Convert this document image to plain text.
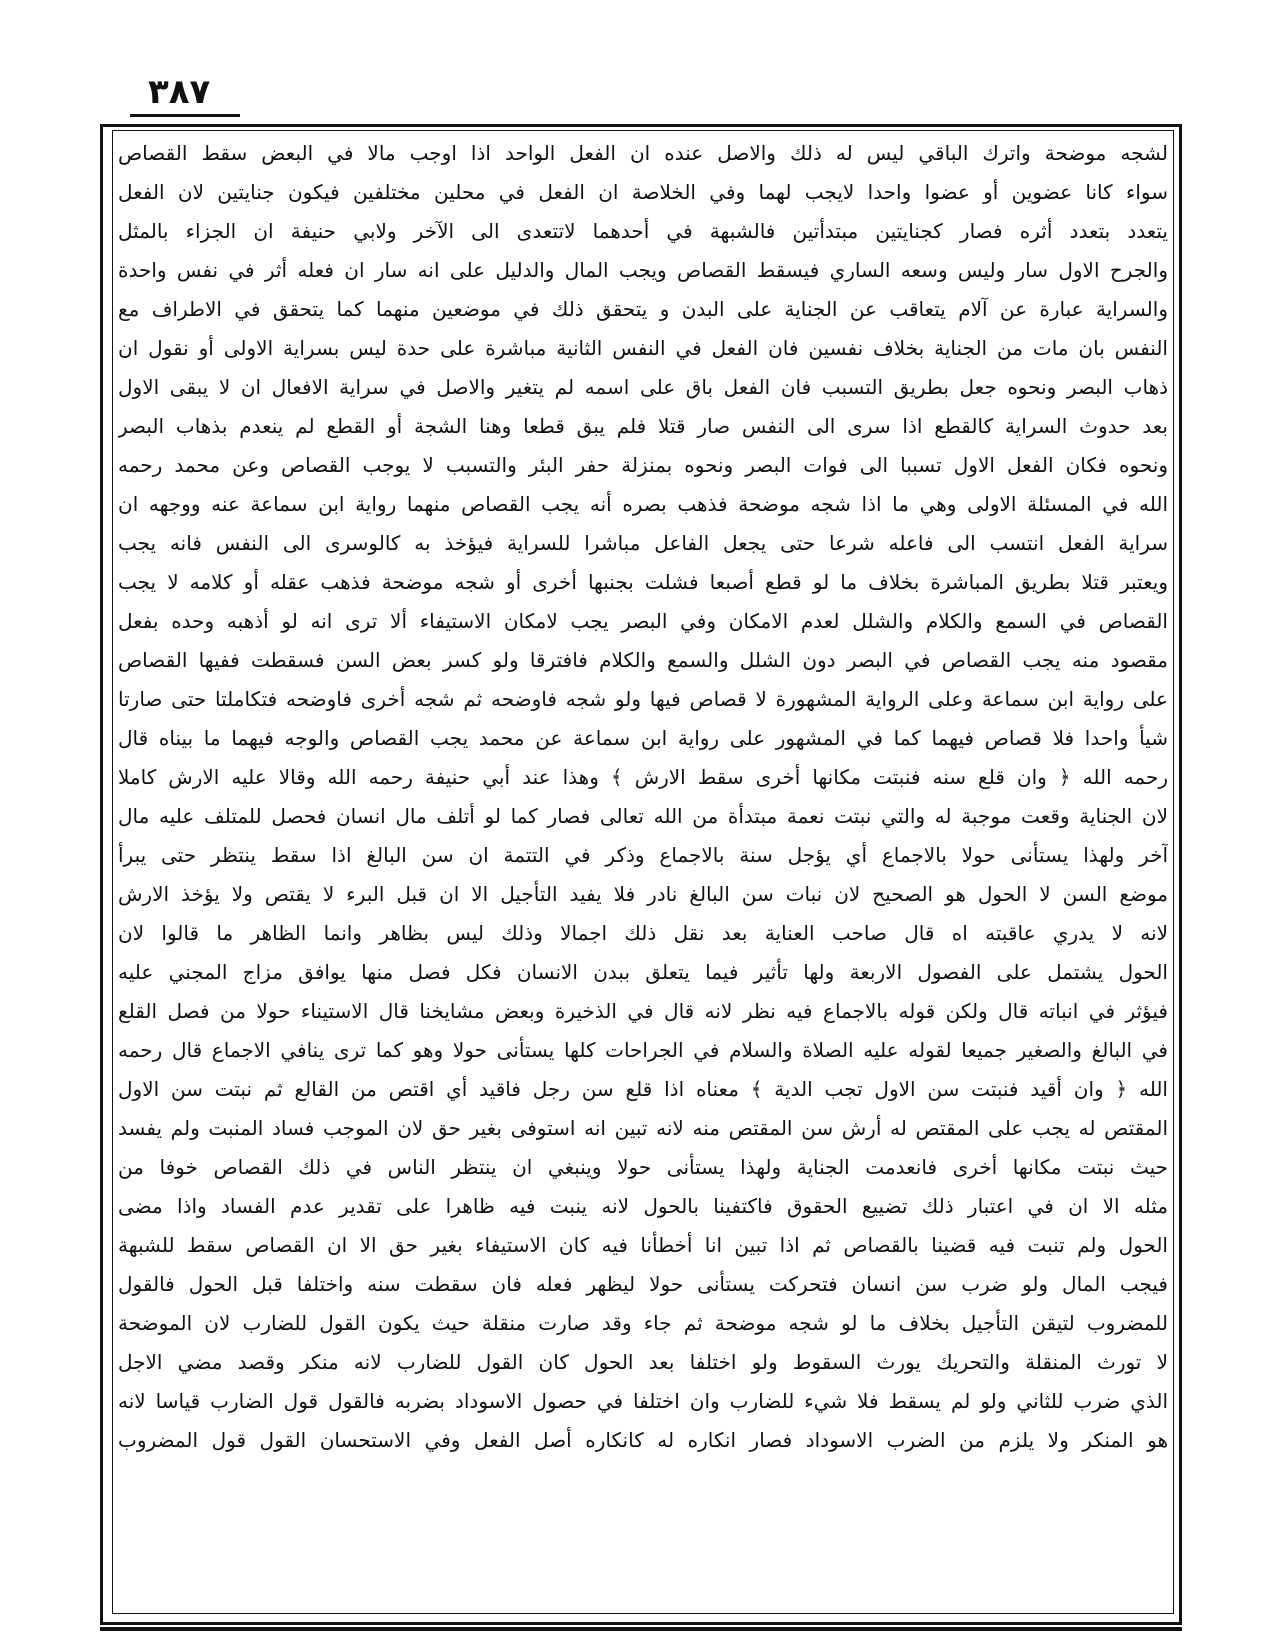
۳۸۷
لشجه موضحة واترك الباقي ليس له ذلك والاصل عنده ان الفعل الواحد اذا اوجب مالا في البعض سقط القصاص
سواء كانا عضوين أو عضوا واحدا لايجب لهما وفي الخلاصة ان الفعل في محلين مختلفين فيكون جنايتين لان الفعل
يتعدد بتعدد أثره فصار كجنايتين مبتدأتين فالشبهة في أحدهما لاتتعدى الى الآخر ولابي حنيفة ان الجزاء بالمثل
والجرح الاول سار وليس وسعه الساري فيسقط القصاص ويجب المال والدليل على انه سار ان فعله أثر في نفس واحدة
والسراية عبارة عن آلام يتعاقب عن الجناية على البدن و يتحقق ذلك في موضعين منهما كما يتحقق في الاطراف مع
النفس بان مات من الجناية بخلاف نفسين فان الفعل في النفس الثانية مباشرة على حدة ليس بسراية الاولى أو نقول ان
ذهاب البصر ونحوه جعل بطريق التسبب فان الفعل باق على اسمه لم يتغير والاصل في سراية الافعال ان لا يبقى الاول
بعد حدوث السراية كالقطع اذا سرى الى النفس صار قتلا فلم يبق قطعا وهنا الشجة أو القطع لم ينعدم بذهاب البصر
ونحوه فكان الفعل الاول تسببا الى فوات البصر ونحوه بمنزلة حفر البئر والتسبب لا يوجب القصاص وعن محمد رحمه
الله في المسئلة الاولى وهي ما اذا شجه موضحة فذهب بصره أنه يجب القصاص منهما رواية ابن سماعة عنه ووجهه ان
سراية الفعل انتسب الى فاعله شرعا حتى يجعل الفاعل مباشرا للسراية فيؤخذ به كالوسرى الى النفس فانه يجب
ويعتبر قتلا بطريق المباشرة بخلاف ما لو قطع أصبعا فشلت بجنبها أخرى أو شجه موضحة فذهب عقله أو كلامه لا يجب
القصاص في السمع والكلام والشلل لعدم الامكان وفي البصر يجب لامكان الاستيفاء ألا ترى انه لو أذهبه وحده بفعل
مقصود منه يجب القصاص في البصر دون الشلل والسمع والكلام فافترقا ولو كسر بعض السن فسقطت ففيها القصاص
على رواية ابن سماعة وعلى الرواية المشهورة لا قصاص فيها ولو شجه فاوضحه ثم شجه أخرى فاوضحه فتكاملتا حتى صارتا
شيأ واحدا فلا قصاص فيهما كما في المشهور على رواية ابن سماعة عن محمد يجب القصاص والوجه فيهما ما بيناه قال
رحمه الله ﴿ وان قلع سنه فنبتت مكانها أخرى سقط الارش ﴾ وهذا عند أبي حنيفة رحمه الله وقالا عليه الارش كاملا
لان الجناية وقعت موجبة له والتي نبتت نعمة مبتدأة من الله تعالى فصار كما لو أتلف مال انسان فحصل للمتلف عليه مال
آخر ولهذا يستأنى حولا بالاجماع أي يؤجل سنة بالاجماع وذكر في التتمة ان سن البالغ اذا سقط ينتظر حتى يبرأ
موضع السن لا الحول هو الصحيح لان نبات سن البالغ نادر فلا يفيد التأجيل الا ان قبل البرء لا يقتص ولا يؤخذ الارش
لانه لا يدري عاقبته اه قال صاحب العناية بعد نقل ذلك اجمالا وذلك ليس بظاهر وانما الظاهر ما قالوا لان
الحول يشتمل على الفصول الاربعة ولها تأثير فيما يتعلق ببدن الانسان فكل فصل منها يوافق مزاج المجني عليه
فيؤثر في انباته قال ولكن قوله بالاجماع فيه نظر لانه قال في الذخيرة وبعض مشايخنا قال الاستيناء حولا من فصل القلع
في البالغ والصغير جميعا لقوله عليه الصلاة والسلام في الجراحات كلها يستأنى حولا وهو كما ترى ينافي الاجماع قال رحمه
الله ﴿ وان أقيد فنبتت سن الاول تجب الدية ﴾ معناه اذا قلع سن رجل فاقيد أي اقتص من القالع ثم نبتت سن الاول
المقتص له يجب على المقتص له أرش سن المقتص منه لانه تبين انه استوفى بغير حق لان الموجب فساد المنبت ولم يفسد
حيث نبتت مكانها أخرى فانعدمت الجناية ولهذا يستأنى حولا وينبغي ان ينتظر الناس في ذلك القصاص خوفا من
مثله الا ان في اعتبار ذلك تضييع الحقوق فاكتفينا بالحول لانه ينبت فيه ظاهرا على تقدير عدم الفساد واذا مضى
الحول ولم تنبت فيه قضينا بالقصاص ثم اذا تبين انا أخطأنا فيه كان الاستيفاء بغير حق الا ان القصاص سقط للشبهة
فيجب المال ولو ضرب سن انسان فتحركت يستأنى حولا ليظهر فعله فان سقطت سنه واختلفا قبل الحول فالقول
للمضروب لتيقن التأجيل بخلاف ما لو شجه موضحة ثم جاء وقد صارت منقلة حيث يكون القول للضارب لان الموضحة
لا تورث المنقلة والتحريك يورث السقوط ولو اختلفا بعد الحول كان القول للضارب لانه منكر وقصد مضي الاجل
الذي ضرب للثاني ولو لم يسقط فلا شيء للضارب وان اختلفا في حصول الاسوداد بضربه فالقول قول الضارب قياسا لانه
هو المنكر ولا يلزم من الضرب الاسوداد فصار انكاره له كانكاره أصل الفعل وفي الاستحسان القول قول المضروب
